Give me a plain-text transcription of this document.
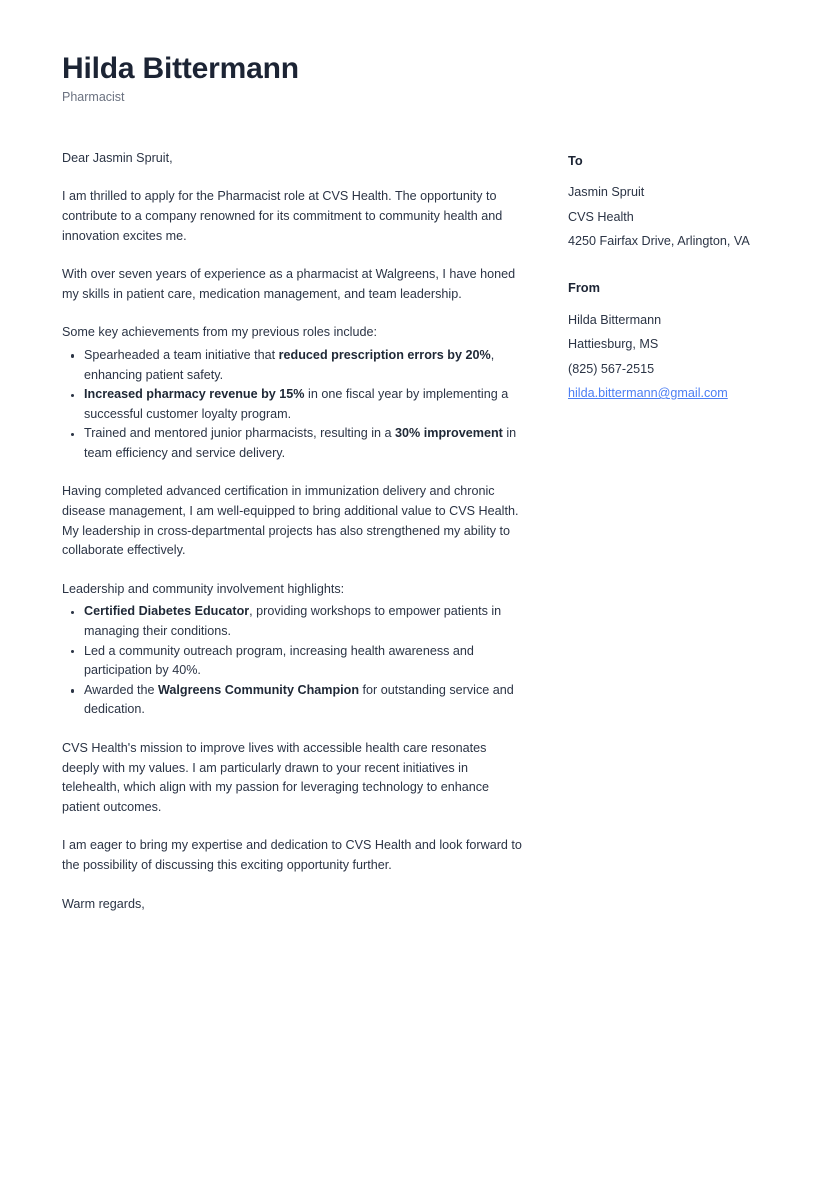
Hilda Bittermann
Pharmacist

Dear Jasmin Spruit,

I am thrilled to apply for the Pharmacist role at CVS Health. The opportunity to contribute to a company renowned for its commitment to community health and innovation excites me.

With over seven years of experience as a pharmacist at Walgreens, I have honed my skills in patient care, medication management, and team leadership.

Some key achievements from my previous roles include:

Spearheaded a team initiative that reduced prescription errors by 20%, enhancing patient safety.
Increased pharmacy revenue by 15% in one fiscal year by implementing a successful customer loyalty program.
Trained and mentored junior pharmacists, resulting in a 30% improvement in team efficiency and service delivery.

Having completed advanced certification in immunization delivery and chronic disease management, I am well-equipped to bring additional value to CVS Health. My leadership in cross-departmental projects has also strengthened my ability to collaborate effectively.

Leadership and community involvement highlights:

Certified Diabetes Educator, providing workshops to empower patients in managing their conditions.
Led a community outreach program, increasing health awareness and participation by 40%.
Awarded the Walgreens Community Champion for outstanding service and dedication.

CVS Health's mission to improve lives with accessible health care resonates deeply with my values. I am particularly drawn to your recent initiatives in telehealth, which align with my passion for leveraging technology to enhance patient outcomes.

I am eager to bring my expertise and dedication to CVS Health and look forward to the possibility of discussing this exciting opportunity further.

Warm regards,

To
Jasmin Spruit
CVS Health
4250 Fairfax Drive, Arlington, VA
From
Hilda Bittermann
Hattiesburg, MS
(825) 567-2515
hilda.bittermann@gmail.com
